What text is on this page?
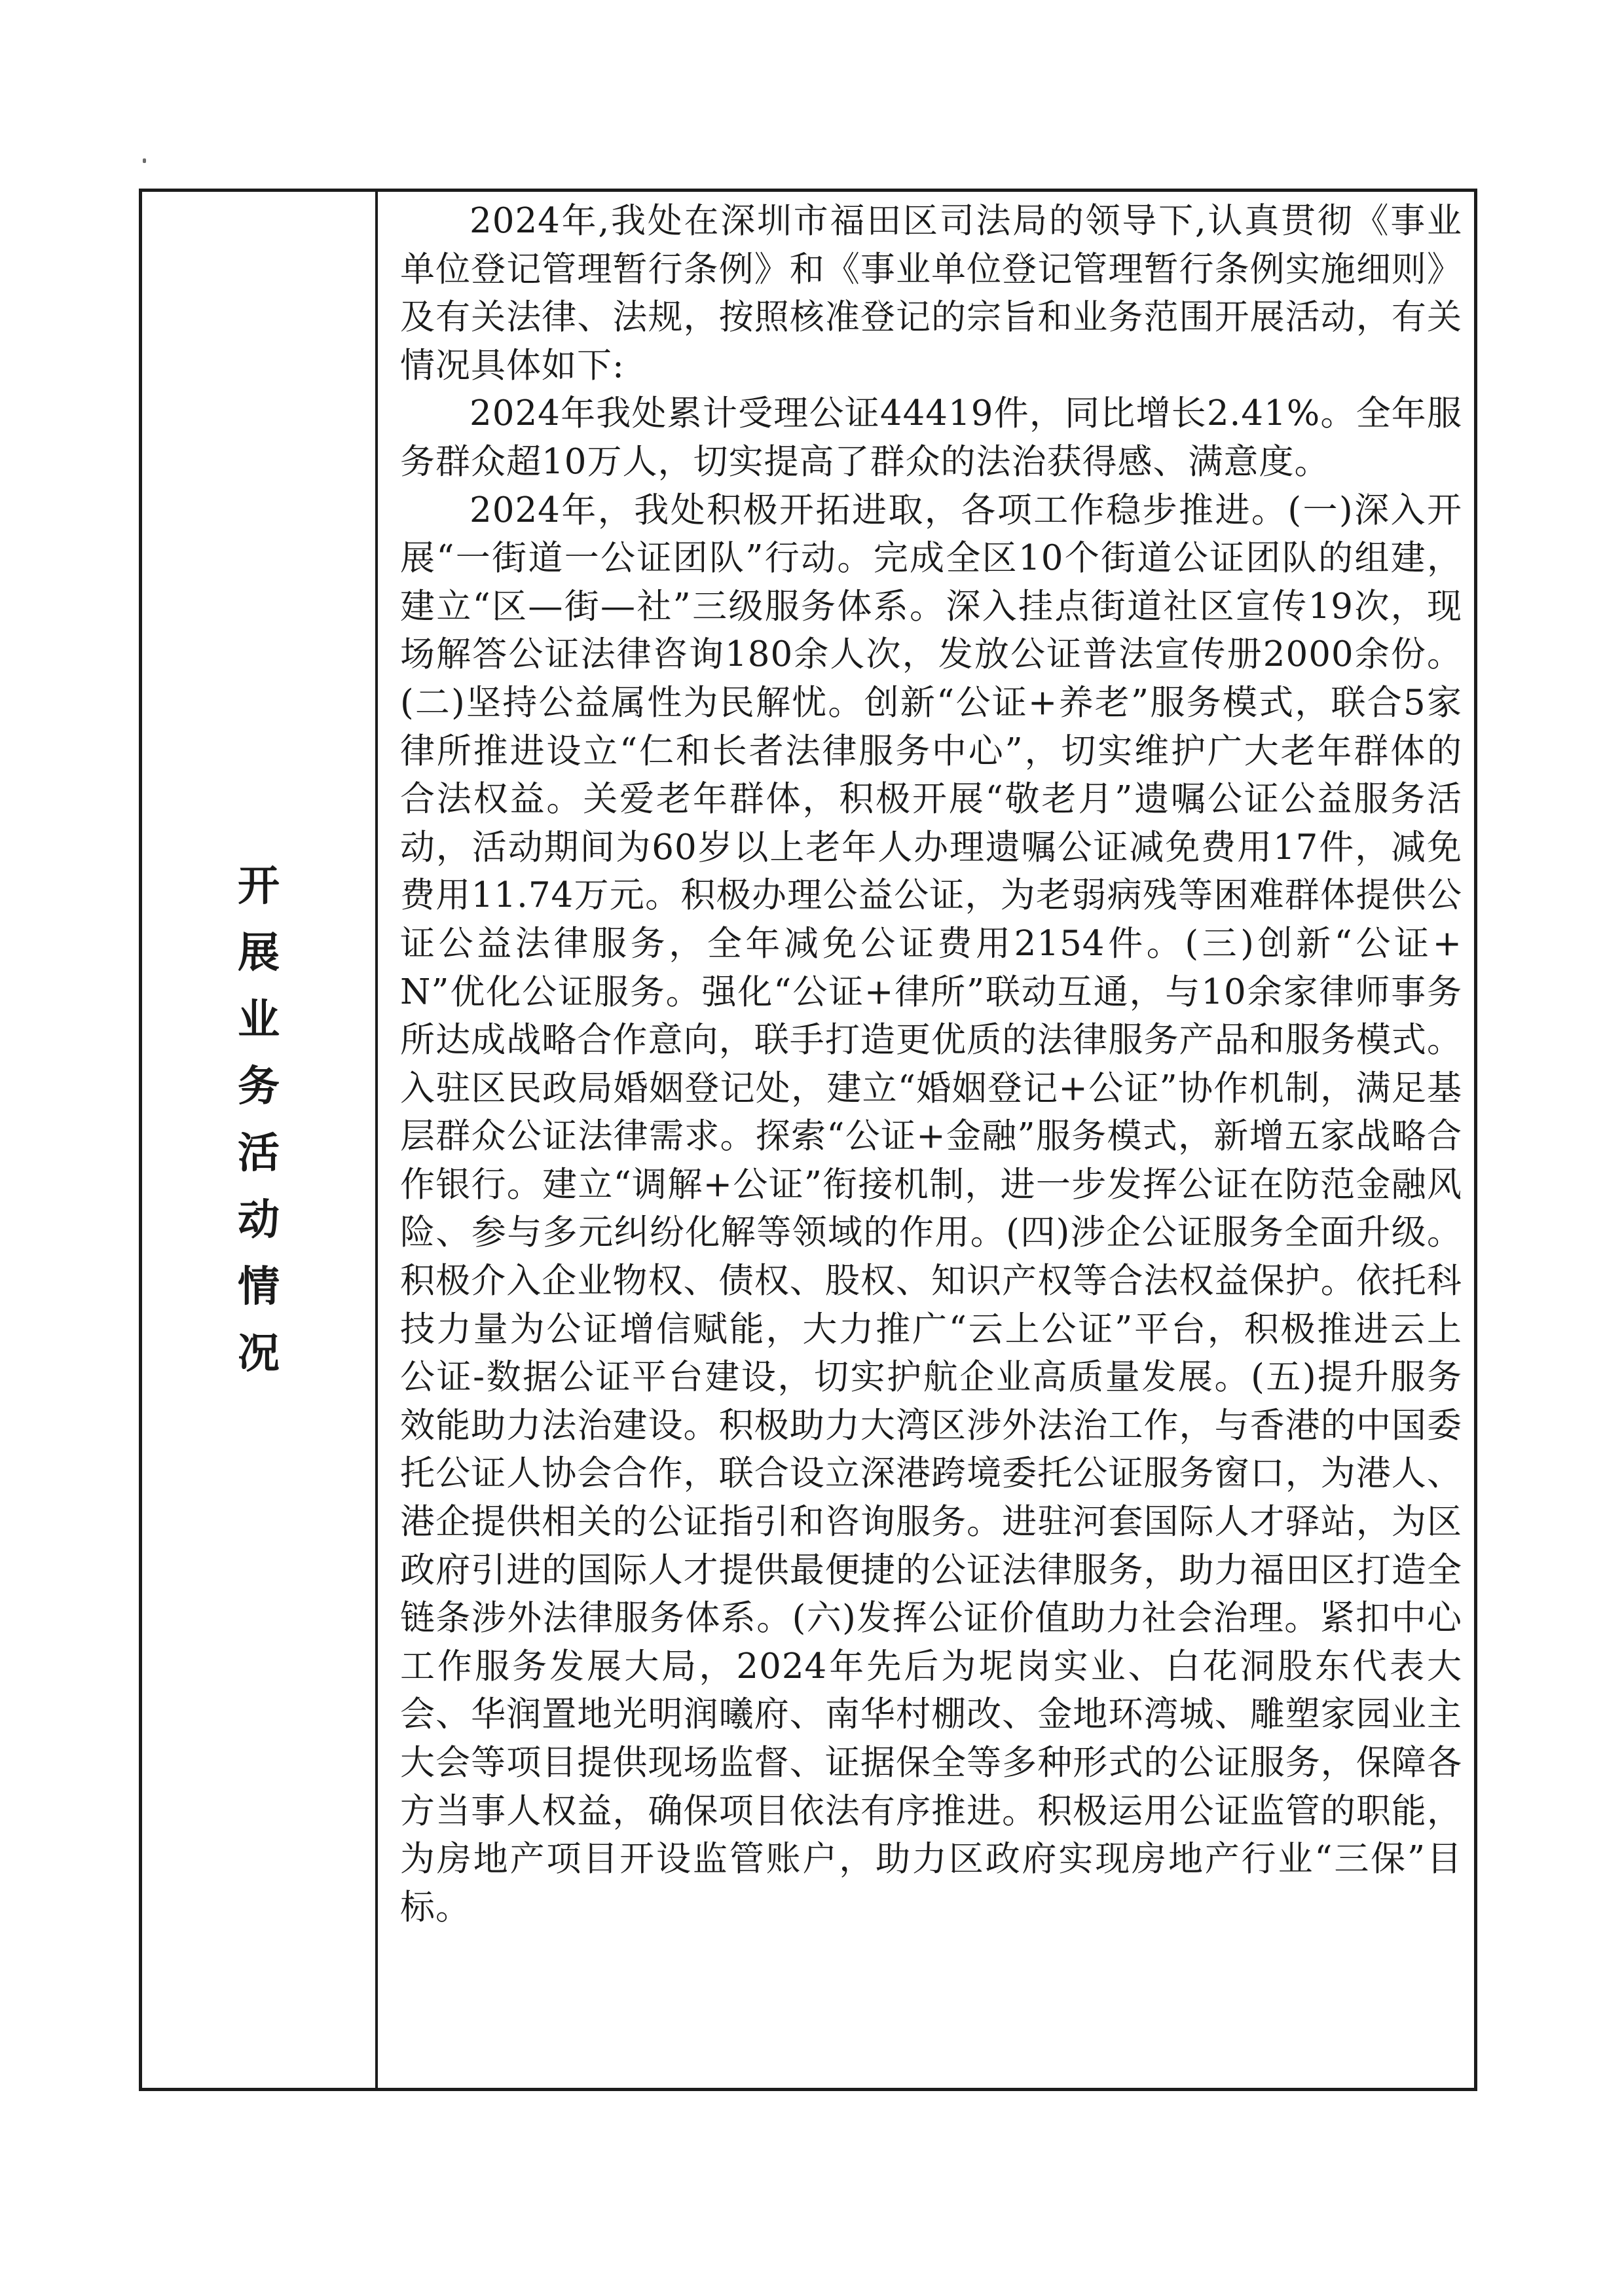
开
展
业
务
活
动
情
况

2024年,我处在深圳市福田区司法局的领导下,认真贯彻《事业单位登记管理暂行条例》和《事业单位登记管理暂行条例实施细则》及有关法律、法规，按照核准登记的宗旨和业务范围开展活动，有关情况具体如下:

2024年我处累计受理公证44419件，同比增长2.41%。全年服务群众超10万人，切实提高了群众的法治获得感、满意度。

2024年，我处积极开拓进取，各项工作稳步推进。(一)深入开展“一街道一公证团队”行动。完成全区10个街道公证团队的组建，建立“区—街—社”三级服务体系。深入挂点街道社区宣传19次，现场解答公证法律咨询180余人次，发放公证普法宣传册2000余份。(二)坚持公益属性为民解忧。创新“公证+养老”服务模式，联合5家律所推进设立“仁和长者法律服务中心”，切实维护广大老年群体的合法权益。关爱老年群体，积极开展“敬老月”遗嘱公证公益服务活动，活动期间为60岁以上老年人办理遗嘱公证减免费用17件，减免费用11.74万元。积极办理公益公证，为老弱病残等困难群体提供公证公益法律服务，全年减免公证费用2154件。(三)创新“公证+N”优化公证服务。强化“公证+律所”联动互通，与10余家律师事务所达成战略合作意向，联手打造更优质的法律服务产品和服务模式。入驻区民政局婚姻登记处，建立“婚姻登记+公证”协作机制，满足基层群众公证法律需求。探索“公证+金融”服务模式，新增五家战略合作银行。建立“调解+公证”衔接机制，进一步发挥公证在防范金融风险、参与多元纠纷化解等领域的作用。(四)涉企公证服务全面升级。积极介入企业物权、债权、股权、知识产权等合法权益保护。依托科技力量为公证增信赋能，大力推广“云上公证”平台，积极推进云上公证-数据公证平台建设，切实护航企业高质量发展。(五)提升服务效能助力法治建设。积极助力大湾区涉外法治工作，与香港的中国委托公证人协会合作，联合设立深港跨境委托公证服务窗口，为港人、港企提供相关的公证指引和咨询服务。进驻河套国际人才驿站，为区政府引进的国际人才提供最便捷的公证法律服务，助力福田区打造全链条涉外法律服务体系。(六)发挥公证价值助力社会治理。紧扣中心工作服务发展大局，2024年先后为坭岗实业、白花洞股东代表大会、华润置地光明润曦府、南华村棚改、金地环湾城、雕塑家园业主大会等项目提供现场监督、证据保全等多种形式的公证服务，保障各方当事人权益，确保项目依法有序推进。积极运用公证监管的职能，为房地产项目开设监管账户，助力区政府实现房地产行业“三保”目标。
